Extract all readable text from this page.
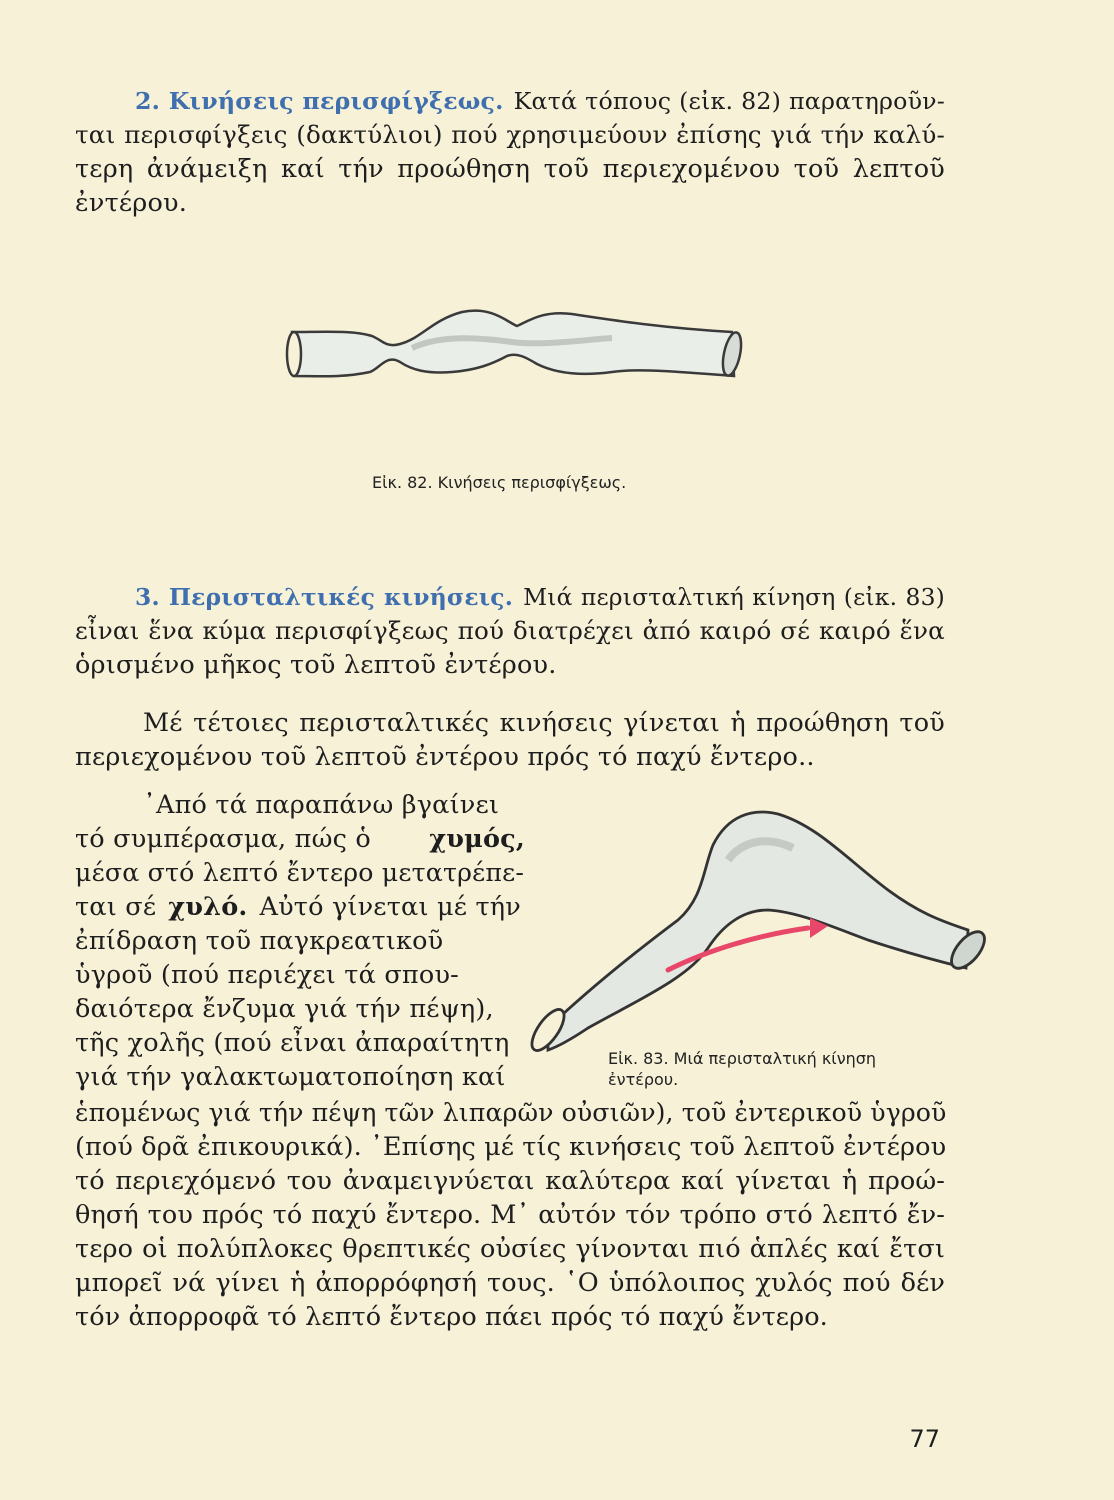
2. Κινήσεις περισφίγξεως. Κατά τόπους (εἰκ. 82) παρατηροῦν-
ται περισφίγξεις (δακτύλιοι) πού χρησιμεύουν ἐπίσης γιά τήν καλύ-
τερη ἀνάμειξη καί τήν προώθηση τοῦ περιεχομένου τοῦ λεπτοῦ
ἐντέρου.
Εἰκ. 82. Κινήσεις περισφίγξεως.
3. Περισταλτικές κινήσεις. Μιά περισταλτική κίνηση (εἰκ. 83)
εἶναι ἕνα κύμα περισφίγξεως πού διατρέχει ἀπό καιρό σέ καιρό ἕνα
ὁρισμένο μῆκος τοῦ λεπτοῦ ἐντέρου.
Μέ τέτοιες περισταλτικές κινήσεις γίνεται ἡ προώθηση τοῦ
περιεχομένου τοῦ λεπτοῦ ἐντέρου πρός τό παχύ ἔντερο..
᾿Από τά παραπάνω βγαίνει
τό συμπέρασμα, πώς ὁ χυμός,
μέσα στό λεπτό ἔντερο μετατρέπε-
ται σέ χυλό. Αὐτό γίνεται μέ τήν
ἐπίδραση τοῦ παγκρεατικοῦ
ὑγροῦ (πού περιέχει τά σπου-
δαιότερα ἔνζυμα γιά τήν πέψη),
τῆς χολῆς (πού εἶναι ἀπαραίτητη
γιά τήν γαλακτωματοποίηση καί
Εἰκ. 83. Μιά περισταλτική κίνηση
ἐντέρου.
ἑπομένως γιά τήν πέψη τῶν λιπαρῶν οὐσιῶν), τοῦ ἐντερικοῦ ὑγροῦ
(πού δρᾶ ἐπικουρικά). ᾿Επίσης μέ τίς κινήσεις τοῦ λεπτοῦ ἐντέρου
τό περιεχόμενό του ἀναμειγνύεται καλύτερα καί γίνεται ἡ προώ-
θησή του πρός τό παχύ ἔντερο. Μ᾿ αὐτόν τόν τρόπο στό λεπτό ἔν-
τερο οἱ πολύπλοκες θρεπτικές οὐσίες γίνονται πιό ἁπλές καί ἔτσι
μπορεῖ νά γίνει ἡ ἀπορρόφησή τους. ῾Ο ὑπόλοιπος χυλός πού δέν
τόν ἀπορροφᾶ τό λεπτό ἔντερο πάει πρός τό παχύ ἔντερο.
77
